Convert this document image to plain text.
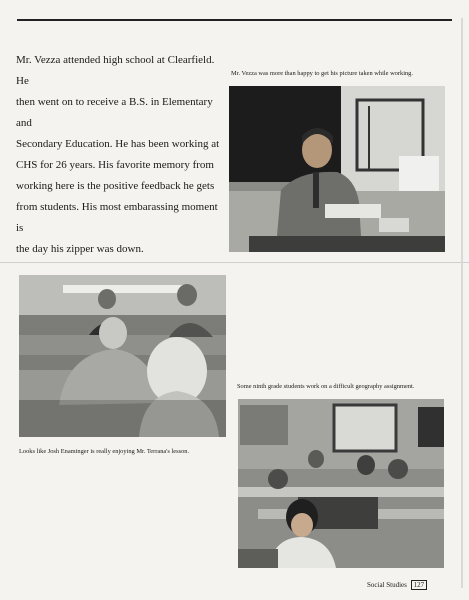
Mr. Vezza attended high school at Clearfield. He
then went on to receive a B.S. in Elementary and
Secondary Education. He has been working at
CHS for 26 years. His favorite memory from
working here is the positive feedback he gets
from students. His most embarassing moment is
the day his zipper was down.
Mr. Vezza was more than happy to get his picture taken while working.
Looks like Josh Enaminger is really enjoying Mr. Terrana's lesson.
Some ninth grade students work on a difficult geography assignment.
Social Studies 127
